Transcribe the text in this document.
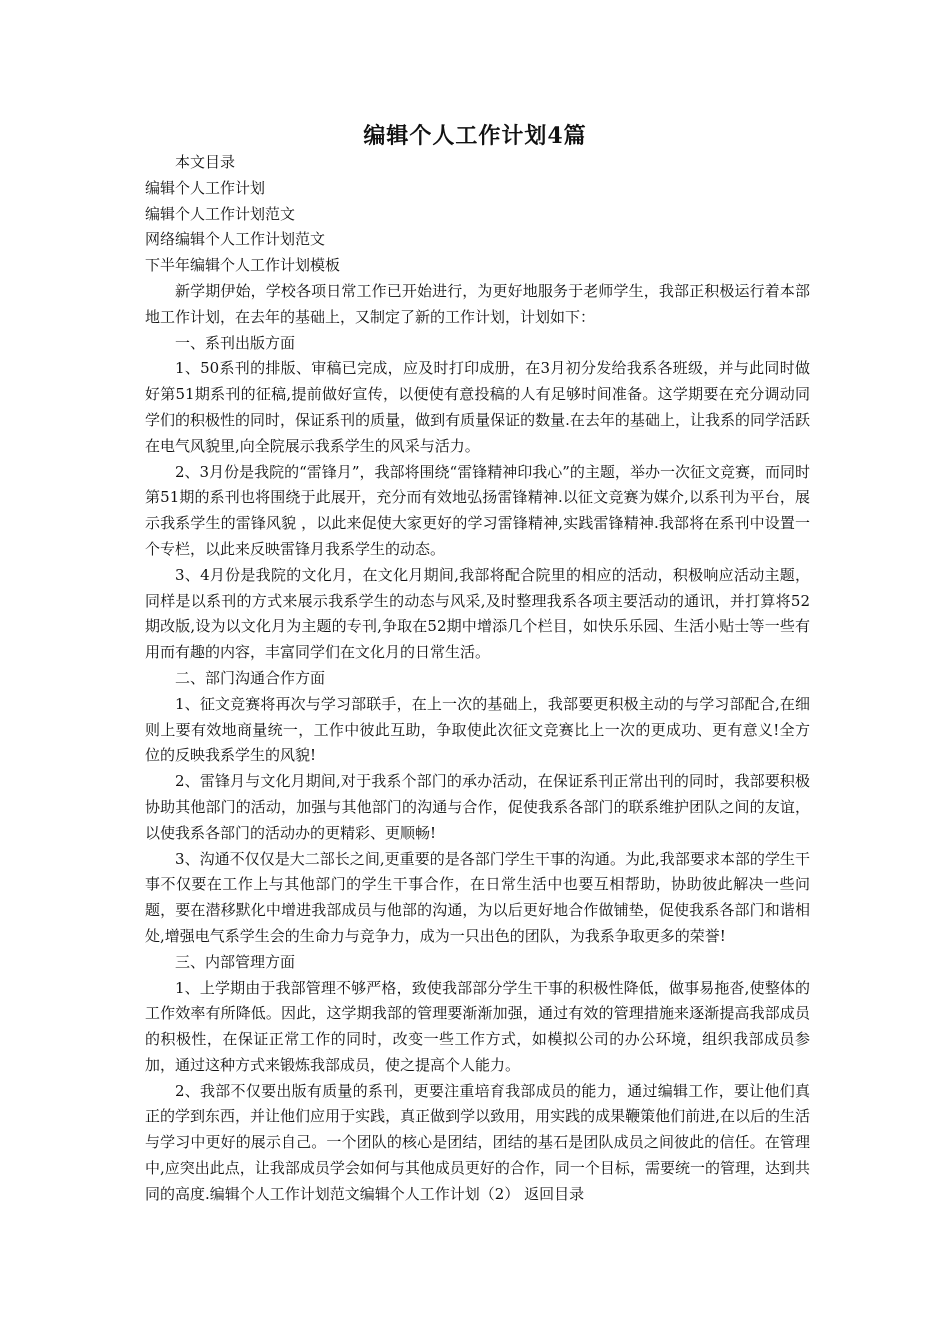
编辑个人工作计划4篇

本文目录

编辑个人工作计划

编辑个人工作计划范文

网络编辑个人工作计划范文

下半年编辑个人工作计划模板

新学期伊始，学校各项日常工作已开始进行，为更好地服务于老师学生，我部正积极运行着本部地工作计划，在去年的基础上，又制定了新的工作计划，计划如下：

一、系刊出版方面

1、50系刊的排版、审稿已完成，应及时打印成册，在3月初分发给我系各班级，并与此同时做好第51期系刊的征稿,提前做好宣传，以便使有意投稿的人有足够时间准备。这学期要在充分调动同学们的积极性的同时，保证系刊的质量，做到有质量保证的数量.在去年的基础上，让我系的同学活跃在电气风貌里,向全院展示我系学生的风采与活力。

2、3月份是我院的“雷锋月”，我部将围绕“雷锋精神印我心”的主题，举办一次征文竞赛，而同时第51期的系刊也将围绕于此展开，充分而有效地弘扬雷锋精神.以征文竞赛为媒介,以系刊为平台，展示我系学生的雷锋风貌 ，以此来促使大家更好的学习雷锋精神,实践雷锋精神.我部将在系刊中设置一个专栏，以此来反映雷锋月我系学生的动态。

3、4月份是我院的文化月，在文化月期间,我部将配合院里的相应的活动，积极响应活动主题，同样是以系刊的方式来展示我系学生的动态与风采,及时整理我系各项主要活动的通讯，并打算将52期改版,设为以文化月为主题的专刊,争取在52期中增添几个栏目，如快乐乐园、生活小贴士等一些有用而有趣的内容，丰富同学们在文化月的日常生活。

二、部门沟通合作方面

1、征文竞赛将再次与学习部联手，在上一次的基础上，我部要更积极主动的与学习部配合,在细则上要有效地商量统一，工作中彼此互助，争取使此次征文竞赛比上一次的更成功、更有意义!全方位的反映我系学生的风貌!

2、雷锋月与文化月期间,对于我系个部门的承办活动，在保证系刊正常出刊的同时，我部要积极协助其他部门的活动，加强与其他部门的沟通与合作，促使我系各部门的联系维护团队之间的友谊，以使我系各部门的活动办的更精彩、更顺畅!

3、沟通不仅仅是大二部长之间,更重要的是各部门学生干事的沟通。为此,我部要求本部的学生干事不仅要在工作上与其他部门的学生干事合作，在日常生活中也要互相帮助，协助彼此解决一些问题，要在潜移默化中增进我部成员与他部的沟通，为以后更好地合作做铺垫，促使我系各部门和谐相处,增强电气系学生会的生命力与竞争力，成为一只出色的团队，为我系争取更多的荣誉!

三、内部管理方面

1、上学期由于我部管理不够严格，致使我部部分学生干事的积极性降低，做事易拖沓,使整体的工作效率有所降低。因此，这学期我部的管理要渐渐加强，通过有效的管理措施来逐渐提高我部成员的积极性，在保证正常工作的同时，改变一些工作方式，如模拟公司的办公环境，组织我部成员参加，通过这种方式来锻炼我部成员，使之提高个人能力。

2、我部不仅要出版有质量的系刊，更要注重培育我部成员的能力，通过编辑工作，要让他们真正的学到东西，并让他们应用于实践，真正做到学以致用，用实践的成果鞭策他们前进,在以后的生活与学习中更好的展示自己。一个团队的核心是团结，团结的基石是团队成员之间彼此的信任。在管理中,应突出此点，让我部成员学会如何与其他成员更好的合作，同一个目标，需要统一的管理，达到共同的高度.编辑个人工作计划范文编辑个人工作计划（2） 返回目录
